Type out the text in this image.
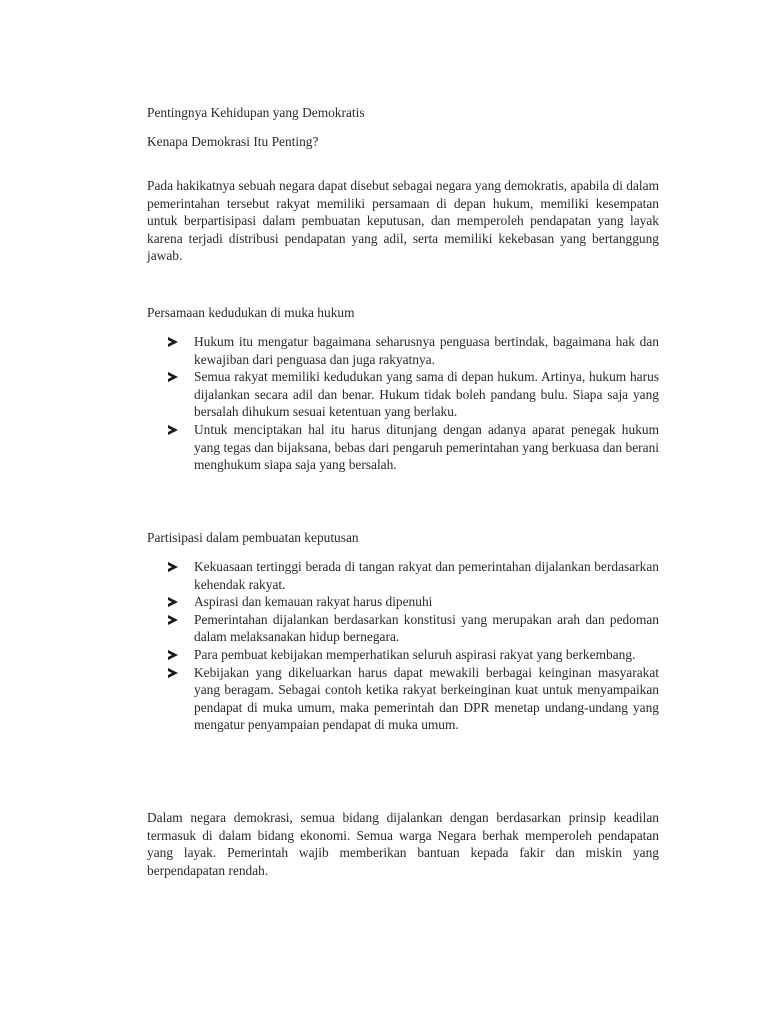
Pentingnya Kehidupan yang Demokratis

Kenapa Demokrasi Itu Penting?

Pada hakikatnya sebuah negara dapat disebut sebagai negara yang demokratis, apabila di dalam pemerintahan tersebut rakyat memiliki persamaan di depan hukum, memiliki kesempatan untuk berpartisipasi dalam pembuatan keputusan, dan memperoleh pendapatan yang layak karena terjadi distribusi pendapatan yang adil, serta memiliki kekebasan yang bertanggung jawab.

Persamaan kedudukan di muka hukum

Hukum itu mengatur bagaimana seharusnya penguasa bertindak, bagaimana hak dan kewajiban dari penguasa dan juga rakyatnya.
Semua rakyat memiliki kedudukan yang sama di depan hukum. Artinya, hukum harus dijalankan secara adil dan benar. Hukum tidak boleh pandang bulu. Siapa saja yang bersalah dihukum sesuai ketentuan yang berlaku.
Untuk menciptakan hal itu harus ditunjang dengan adanya aparat penegak hukum yang tegas dan bijaksana, bebas dari pengaruh pemerintahan yang berkuasa dan berani menghukum siapa saja yang bersalah.

Partisipasi dalam pembuatan keputusan

Kekuasaan tertinggi berada di tangan rakyat dan pemerintahan dijalankan berdasarkan kehendak rakyat.
Aspirasi dan kemauan rakyat harus dipenuhi
Pemerintahan dijalankan berdasarkan konstitusi yang merupakan arah dan pedoman dalam melaksanakan hidup bernegara.
Para pembuat kebijakan memperhatikan seluruh aspirasi rakyat yang berkembang.
Kebijakan yang dikeluarkan harus dapat mewakili berbagai keinginan masyarakat yang beragam. Sebagai contoh ketika rakyat berkeinginan kuat untuk menyampaikan pendapat di muka umum, maka pemerintah dan DPR menetap undang-undang yang mengatur penyampaian pendapat di muka umum.

Dalam negara demokrasi, semua bidang dijalankan dengan berdasarkan prinsip keadilan termasuk di dalam bidang ekonomi. Semua warga Negara berhak memperoleh pendapatan yang layak. Pemerintah wajib memberikan bantuan kepada fakir dan miskin yang berpendapatan rendah.
